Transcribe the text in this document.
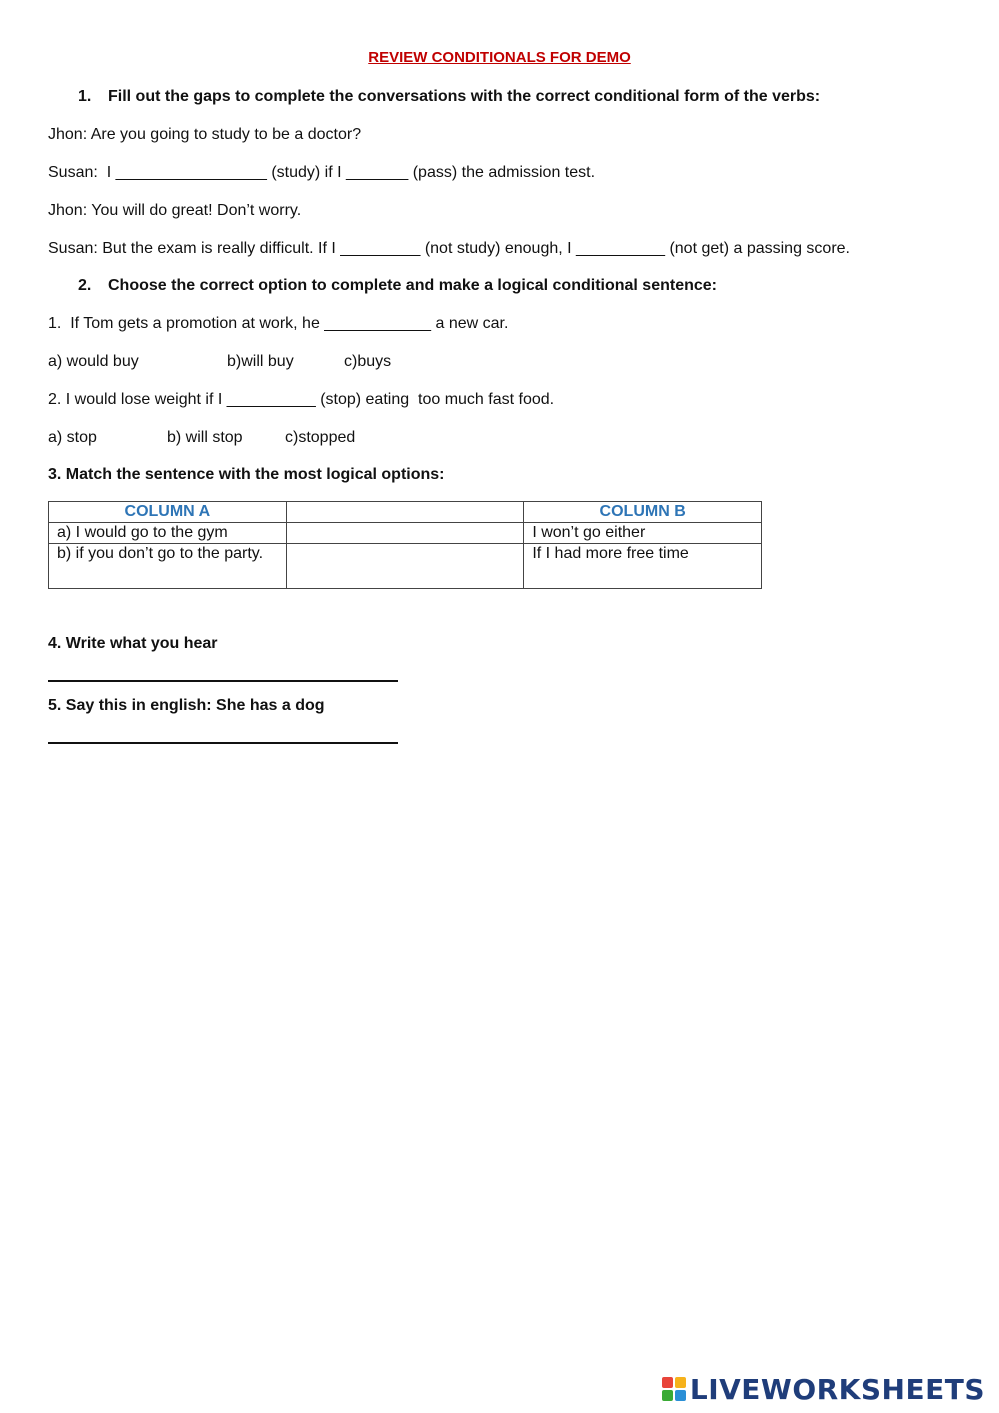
REVIEW CONDITIONALS FOR DEMO
1. Fill out the gaps to complete the conversations with the correct conditional form of the verbs:
Jhon: Are you going to study to be a doctor?
Susan:  I _________________ (study) if I _______ (pass) the admission test.
Jhon: You will do great! Don’t worry.
Susan: But the exam is really difficult. If I _________ (not study) enough, I __________ (not get) a passing score.
2. Choose the correct option to complete and make a logical conditional sentence:
1.  If Tom gets a promotion at work, he ____________ a new car.
a) would buy	b)will buy	c)buys
2. I would lose weight if I __________ (stop) eating  too much fast food.
a) stop	b) will stop	c)stopped
3. Match the sentence with the most logical options:
COLUMN A		COLUMN B
a) I would go to the gym		I won’t go either
b) if you don’t go to the party.		If I had more free time
4. Write what you hear
5. Say this in english: She has a dog
LIVEWORKSHEETS
